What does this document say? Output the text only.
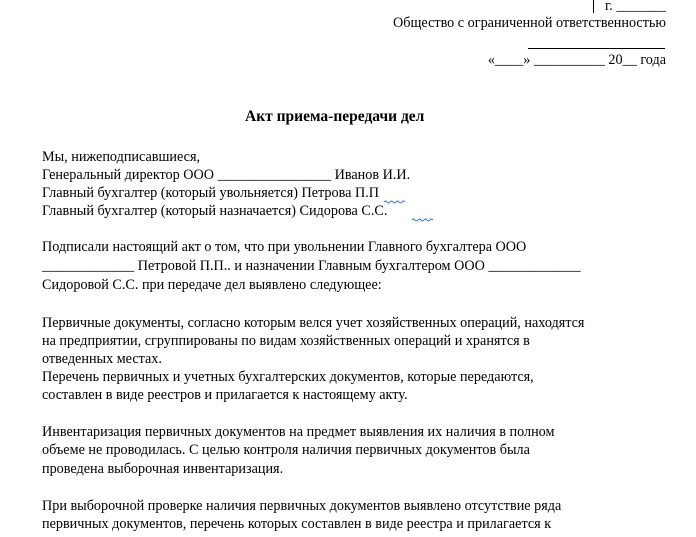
г. _______
Общество с ограниченной ответственностью
«____» __________ 20__ года
Акт приема-передачи дел
Мы, нижеподписавшиеся,
Генеральный директор ООО ________________ Иванов И.И.
Главный бухгалтер (который увольняется) Петрова П.П
Главный бухгалтер (который назначается) Сидорова С.С.
Подписали настоящий акт о том, что при увольнении Главного бухгалтера ООО
_____________ Петровой П.П.. и назначении Главным бухгалтером ООО _____________
Сидоровой С.С. при передаче дел выявлено следующее:
Первичные документы, согласно которым велся учет хозяйственных операций, находятся
на предприятии, сгруппированы по видам хозяйственных операций и хранятся в
отведенных местах.
Перечень первичных и учетных бухгалтерских документов, которые передаются,
составлен в виде реестров и прилагается к настоящему акту.
Инвентаризация первичных документов на предмет выявления их наличия в полном
объеме не проводилась. С целью контроля наличия первичных документов была
проведена выборочная инвентаризация.
При выборочной проверке наличия первичных документов выявлено отсутствие ряда
первичных документов, перечень которых составлен в виде реестра и прилагается к
